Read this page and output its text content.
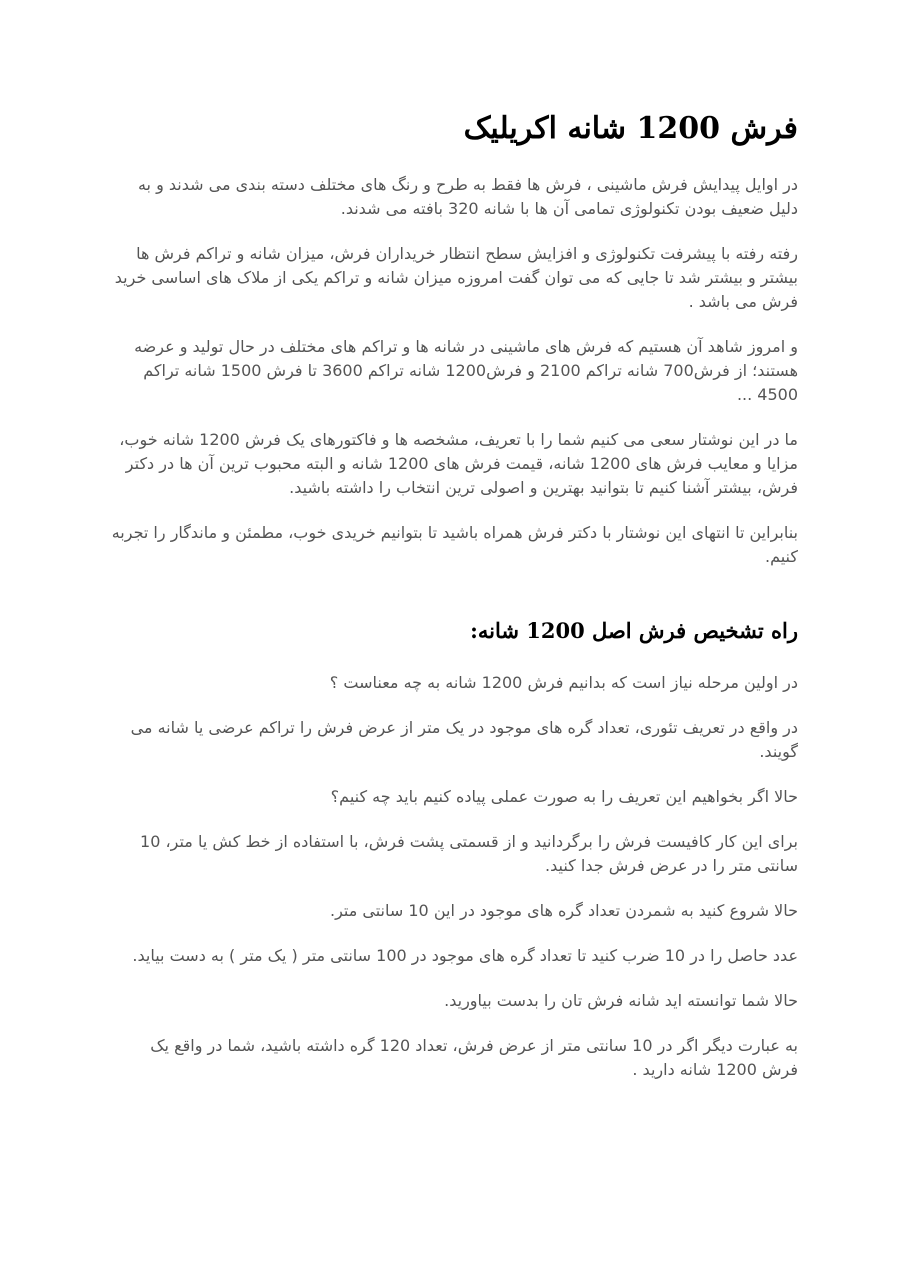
فرش 1200 شانه اکریلیک

در اوایل پیدایش فرش ماشینی ، فرش ها فقط به طرح و رنگ های مختلف دسته بندی می شدند و به دلیل ضعیف بودن تکنولوژی تمامی آن ها با شانه 320 بافته می شدند.

رفته رفته با پیشرفت تکنولوژی و افزایش سطح انتظار خریداران فرش، میزان شانه و تراکم فرش ها بیشتر و بیشتر شد تا جایی که می توان گفت امروزه میزان شانه و تراکم یکی از ملاک های اساسی خرید فرش می باشد .

و امروز شاهد آن هستیم که فرش های ماشینی در شانه ها و تراکم های مختلف در حال تولید و عرضه هستند؛ از فرش700 شانه تراکم 2100 و فرش1200 شانه تراکم 3600 تا فرش 1500 شانه تراکم 4500 ...

ما در این نوشتار سعی می کنیم شما را با تعریف، مشخصه ها و فاکتورهای یک فرش 1200 شانه خوب، مزایا و معایب فرش های 1200 شانه، قیمت فرش های 1200 شانه و البته محبوب ترین آن ها در دکتر فرش، بیشتر آشنا کنیم تا بتوانید بهترین و اصولی ترین انتخاب را داشته باشید.

بنابراین تا انتهای این نوشتار با دکتر فرش همراه باشید تا بتوانیم خریدی خوب، مطمئن و ماندگار را تجربه کنیم.

راه تشخیص فرش اصل 1200 شانه:

در اولین مرحله نیاز است که بدانیم فرش 1200 شانه به چه معناست ؟

در واقع در تعریف تئوری، تعداد گره های موجود در یک متر از عرض فرش را تراکم عرضی یا شانه می گویند.

حالا اگر بخواهیم این تعریف را به صورت عملی پیاده کنیم باید چه کنیم؟

برای این کار کافیست فرش را برگردانید و از قسمتی پشت فرش، با استفاده از خط کش یا متر، 10 سانتی متر را در عرض فرش جدا کنید.

حالا شروع کنید به شمردن تعداد گره های موجود در این 10 سانتی متر.

عدد حاصل را در 10 ضرب کنید تا تعداد گره های موجود در 100 سانتی متر ( یک متر ) به دست بیاید.

حالا شما توانسته اید شانه فرش تان را بدست بیاورید.

به عبارت دیگر اگر در 10 سانتی متر از عرض فرش، تعداد 120 گره داشته باشید، شما در واقع یک فرش 1200 شانه دارید .
